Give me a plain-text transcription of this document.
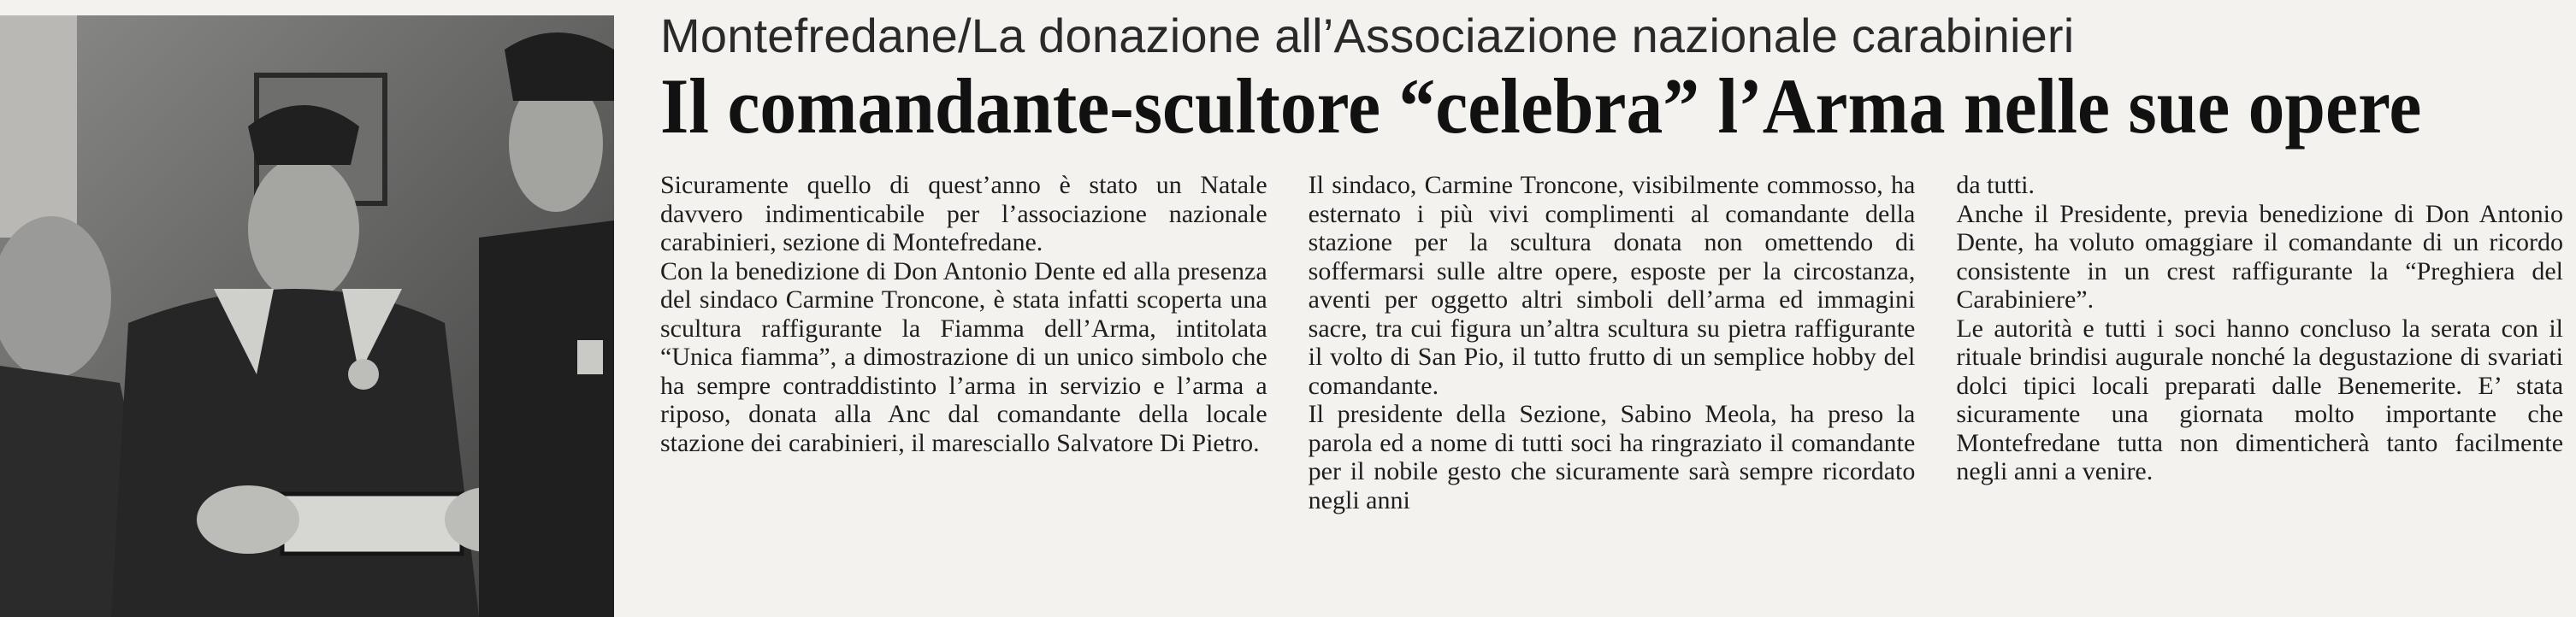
Montefredane/La donazione all’Associazione nazionale carabinieri
Il comandante-scultore “celebra” l’Arma nelle sue opere

Sicuramente quello di quest’anno è stato un Natale davvero indimenticabile per l’associazione nazionale carabinieri, sezione di Montefredane.

Con la benedizione di Don Antonio Dente ed alla presenza del sindaco Carmine Troncone, è stata infatti scoperta una scultura raffigurante la Fiamma dell’Arma, intitolata “Unica fiamma”, a dimostrazione di un unico simbolo che ha sempre contraddistinto l’arma in servizio e l’arma a riposo, donata alla Anc dal comandante della locale stazione dei carabinieri, il maresciallo Salvatore Di Pietro.

Il sindaco, Carmine Troncone, visibilmente commosso, ha esternato i più vivi complimenti al comandante della stazione per la scultura donata non omettendo di soffermarsi sulle altre opere, esposte per la circostanza, aventi per oggetto altri simboli dell’arma ed immagini sacre, tra cui figura un’altra scultura su pietra raffigurante il volto di San Pio, il tutto frutto di un semplice hobby del comandante.

Il presidente della Sezione, Sabino Meola, ha preso la parola ed a nome di tutti soci ha ringraziato il comandante per il nobile gesto che sicuramente sarà sempre ricordato negli anni

da tutti.

Anche il Presidente, previa benedizione di Don Antonio Dente, ha voluto omaggiare il comandante di un ricordo consistente in un crest raffigurante la “Preghiera del Carabiniere”.

Le autorità e tutti i soci hanno concluso la serata con il rituale brindisi augurale nonché la degustazione di svariati dolci tipici locali preparati dalle Benemerite. E’ stata sicuramente una giornata molto importante che Montefredane tutta non dimenticherà tanto facilmente negli anni a venire.
